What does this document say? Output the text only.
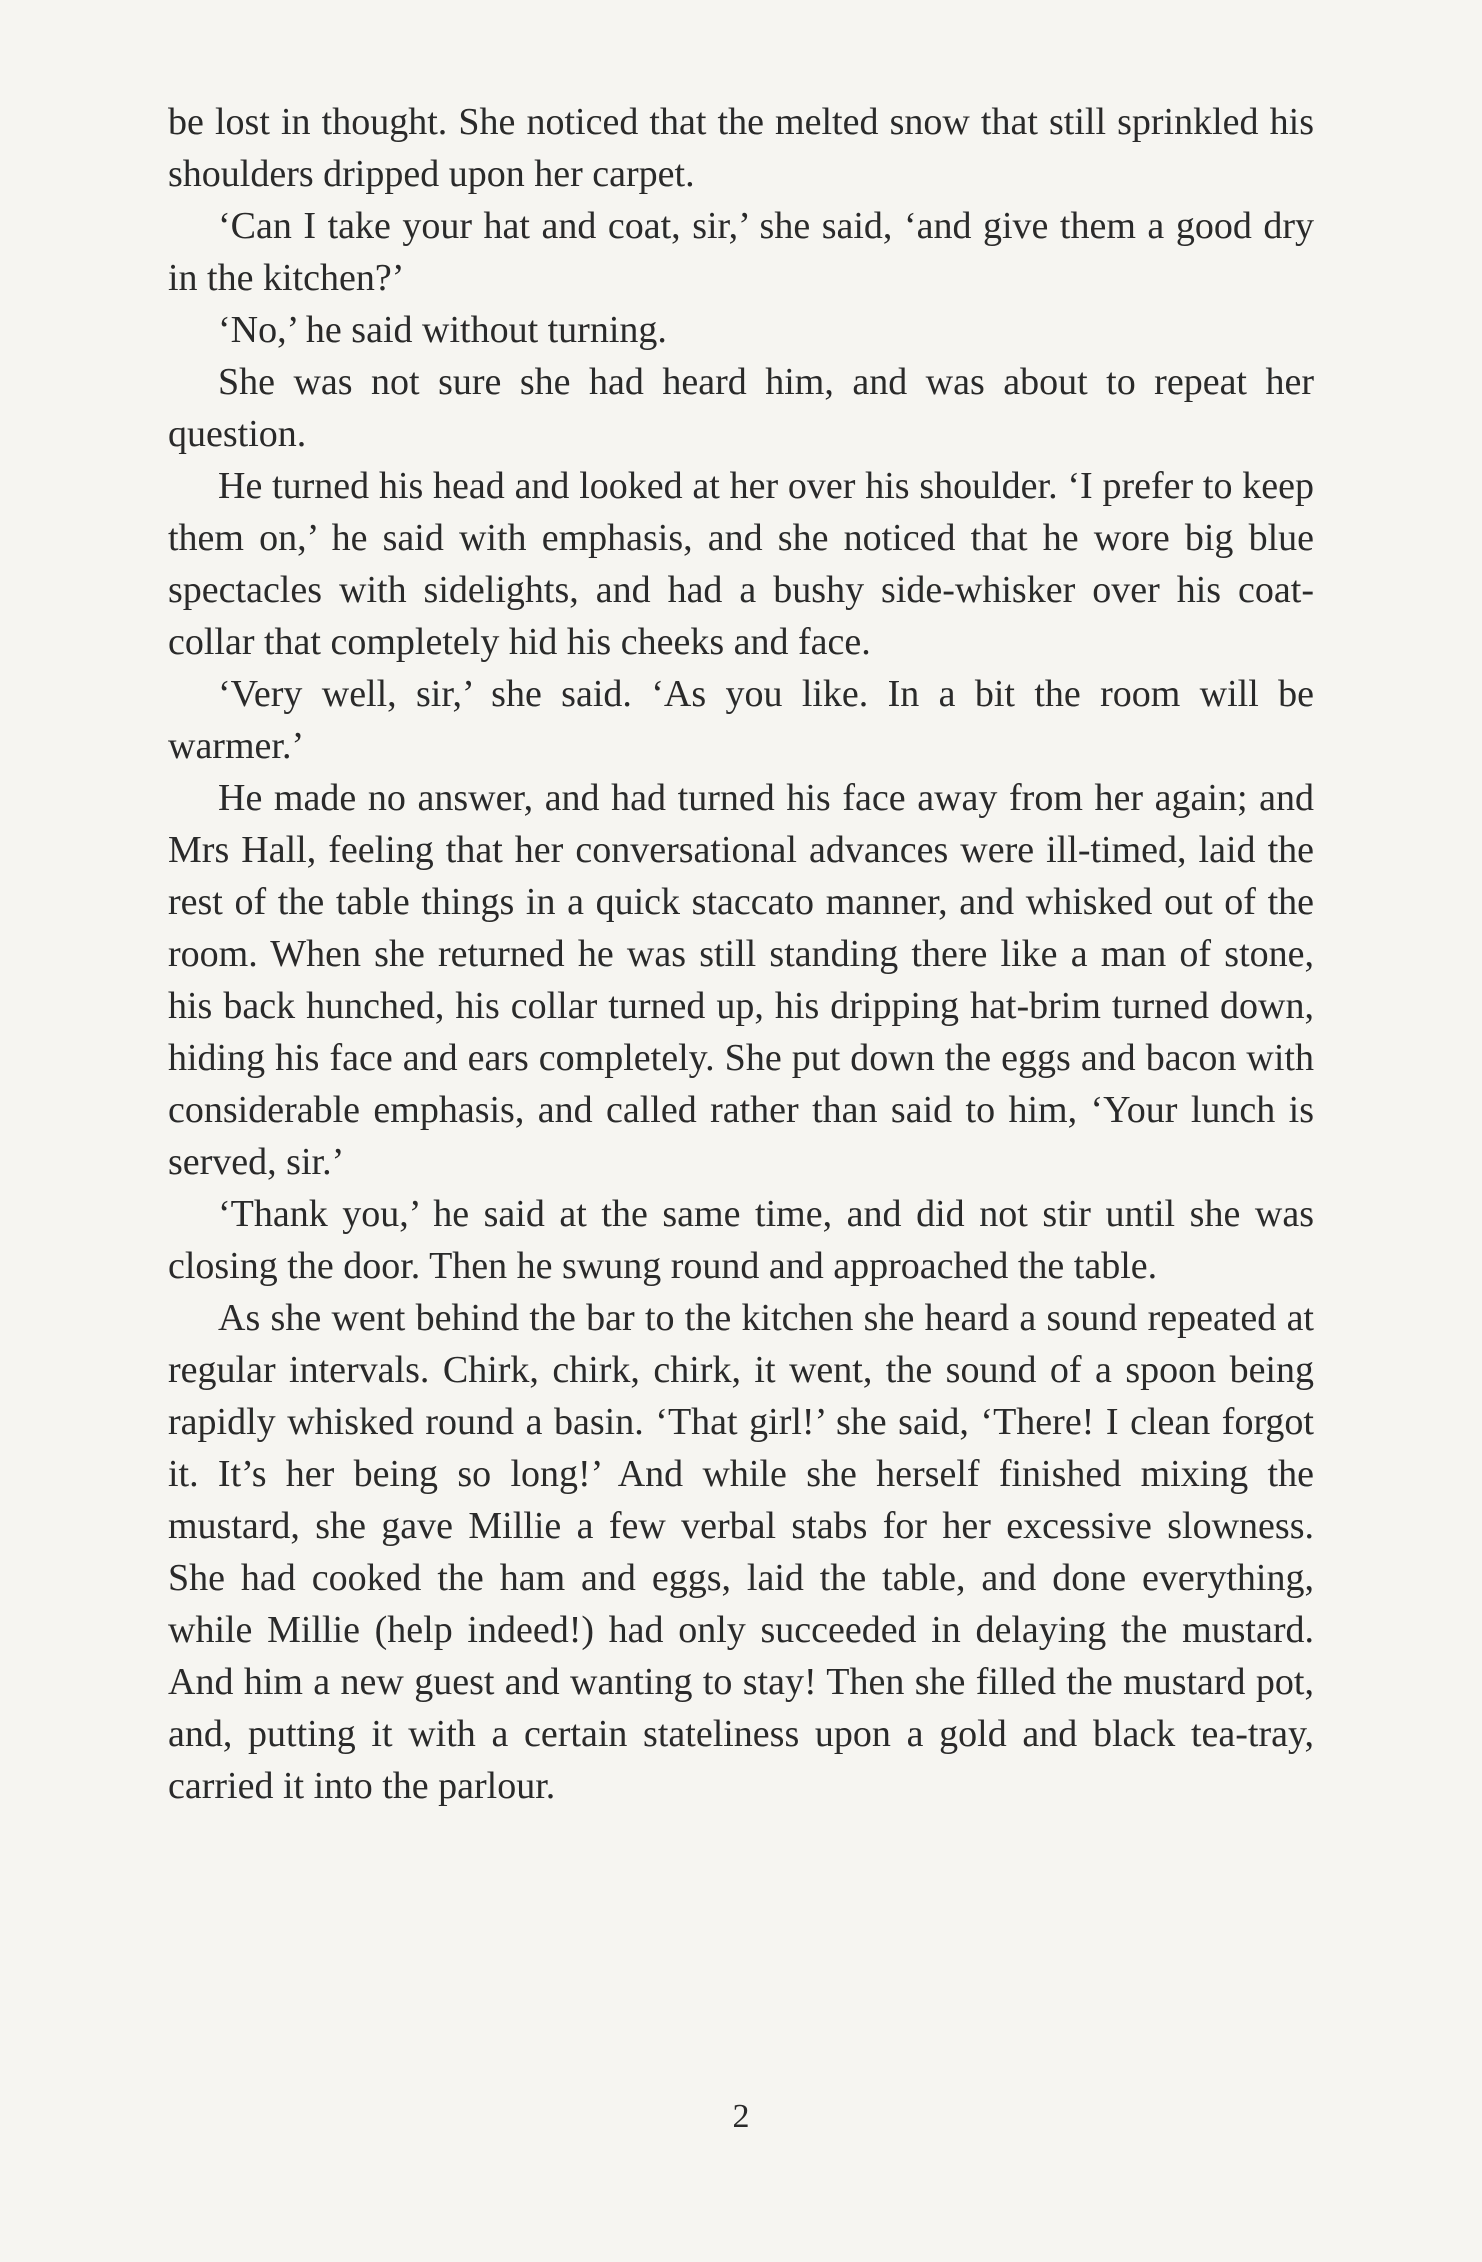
be lost in thought. She noticed that the melted snow that still sprinkled his shoulders dripped upon her carpet.

‘Can I take your hat and coat, sir,’ she said, ‘and give them a good dry in the kitchen?’

‘No,’ he said without turning.

She was not sure she had heard him, and was about to repeat her question.

He turned his head and looked at her over his shoulder. ‘I prefer to keep them on,’ he said with emphasis, and she noticed that he wore big blue spectacles with sidelights, and had a bushy side-whisker over his coat-collar that completely hid his cheeks and face.

‘Very well, sir,’ she said. ‘As you like. In a bit the room will be warmer.’

He made no answer, and had turned his face away from her again; and Mrs Hall, feeling that her conversational advances were ill-timed, laid the rest of the table things in a quick staccato manner, and whisked out of the room. When she returned he was still standing there like a man of stone, his back hunched, his collar turned up, his dripping hat-brim turned down, hiding his face and ears completely. She put down the eggs and bacon with considerable emphasis, and called rather than said to him, ‘Your lunch is served, sir.’

‘Thank you,’ he said at the same time, and did not stir until she was closing the door. Then he swung round and approached the table.

As she went behind the bar to the kitchen she heard a sound repeated at regular intervals. Chirk, chirk, chirk, it went, the sound of a spoon being rapidly whisked round a basin. ‘That girl!’ she said, ‘There! I clean forgot it. It’s her being so long!’ And while she herself finished mixing the mustard, she gave Millie a few verbal stabs for her excessive slowness. She had cooked the ham and eggs, laid the table, and done everything, while Millie (help indeed!) had only succeeded in delaying the mustard. And him a new guest and wanting to stay! Then she filled the mustard pot, and, putting it with a certain stateliness upon a gold and black tea-tray, carried it into the parlour.

2
